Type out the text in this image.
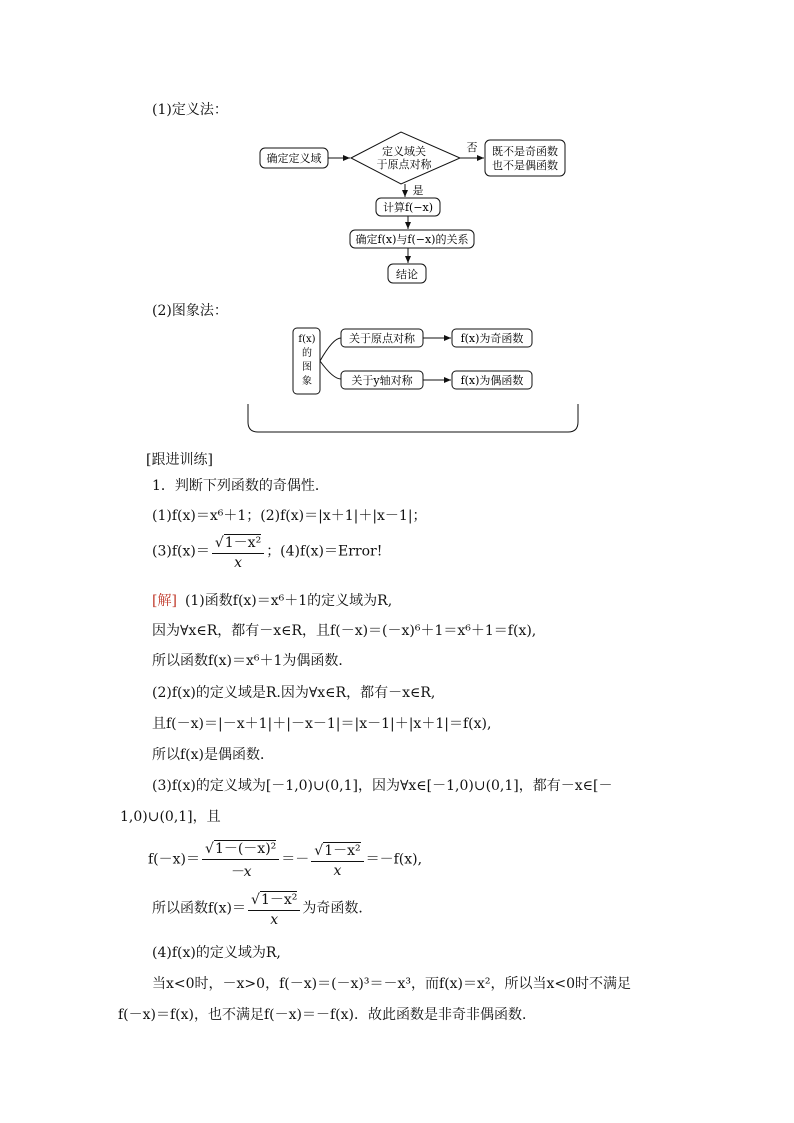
(1)定义法：
确定定义域
定义域关
于原点对称
否 既不是奇函数
也不是偶函数
是
计算f(−x)
确定f(x)与f(−x)的关系
结论
(2)图象法：
f(x)
的
图
象
关于原点对称
关于y轴对称
f(x)为奇函数
f(x)为偶函数
[跟进训练]
1．判断下列函数的奇偶性．
(1)f(x)＝x⁶＋1；(2)f(x)＝|x＋1|＋|x－1|；
$(3)f(x)= \frac{\text{√1－x²}}{x}$ ；(4)f(x)＝Error!
[解] (1)函数f(x)＝x⁶＋1的定义域为R,
因为∀x∈R，都有－x∈R，且f(－x)＝(－x)⁶＋1＝x⁶＋1＝f(x),
所以函数f(x)＝x⁶＋1为偶函数．
(2)f(x)的定义域是R.因为∀x∈R，都有－x∈R,
且f(－x)＝|－x＋1|＋|－x－1|＝|x－1|＋|x＋1|＝f(x),
所以f(x)是偶函数．
(3)f(x)的定义域为[－1,0)∪(0,1]，因为∀x∈[－1,0)∪(0,1]，都有－x∈[－
1,0)∪(0,1]，且
$f(-x)= \frac{\text{√1－(－x)²}}{-x} =- \frac{\text{√1－x²}}{x} =-f(x)$,
所以函数$f(x)= \frac{\text{√1－x²}}{x}$ 为奇函数．
(4)f(x)的定义域为R,
当x<0时，－x>0，f(－x)＝(－x)³＝－x³，而f(x)＝x²，所以当x<0时不满足
f(－x)＝f(x)，也不满足f(－x)＝－f(x)．故此函数是非奇非偶函数．
